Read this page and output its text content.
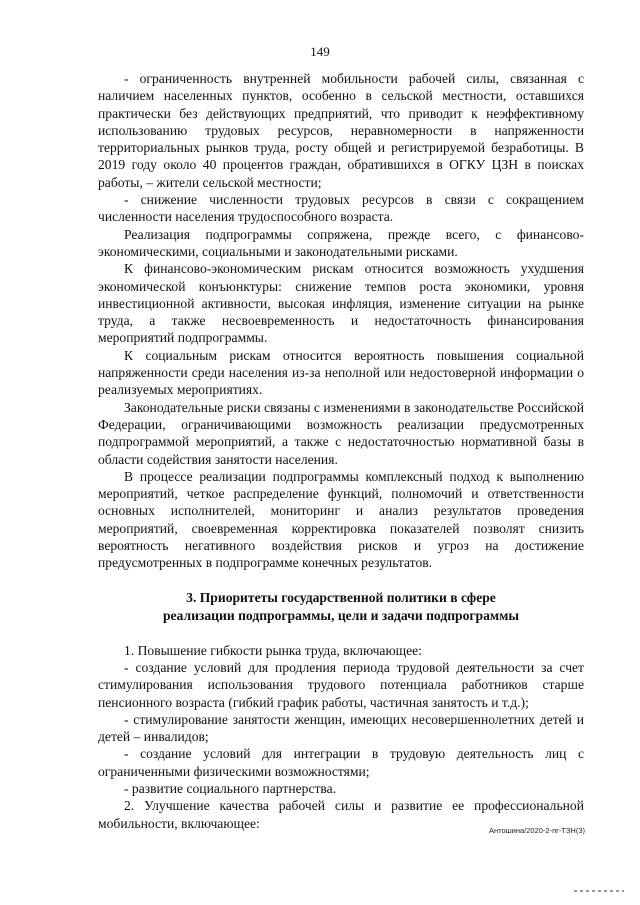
149

- ограниченность внутренней мобильности рабочей силы, связанная с наличием населенных пунктов, особенно в сельской местности, оставшихся практически без действующих предприятий, что приводит к неэффективному использованию трудовых ресурсов, неравномерности в напряженности территориальных рынков труда, росту общей и регистрируемой безработицы. В 2019 году около 40 процентов граждан, обратившихся в ОГКУ ЦЗН в поисках работы, – жители сельской местности;

- снижение численности трудовых ресурсов в связи с сокращением численности населения трудоспособного возраста.

Реализация подпрограммы сопряжена, прежде всего, с финансово-экономическими, социальными и законодательными рисками.

К финансово-экономическим рискам относится возможность ухудшения экономической конъюнктуры: снижение темпов роста экономики, уровня инвестиционной активности, высокая инфляция, изменение ситуации на рынке труда, а также несвоевременность и недостаточность финансирования мероприятий подпрограммы.

К социальным рискам относится вероятность повышения социальной напряженности среди населения из-за неполной или недостоверной информации о реализуемых мероприятиях.

Законодательные риски связаны с изменениями в законодательстве Российской Федерации, ограничивающими возможность реализации предусмотренных подпрограммой мероприятий, а также с недостаточностью нормативной базы в области содействия занятости населения.

В процессе реализации подпрограммы комплексный подход к выполнению мероприятий, четкое распределение функций, полномочий и ответственности основных исполнителей, мониторинг и анализ результатов проведения мероприятий, своевременная корректировка показателей позволят снизить вероятность негативного воздействия рисков и угроз на достижение предусмотренных в подпрограмме конечных результатов.

3. Приоритеты государственной политики в сфере

реализации подпрограммы, цели и задачи подпрограммы

1. Повышение гибкости рынка труда, включающее:

- создание условий для продления периода трудовой деятельности за счет стимулирования использования трудового потенциала работников старше пенсионного возраста (гибкий график работы, частичная занятость и т.д.);

- стимулирование занятости женщин, имеющих несовершеннолетних детей и детей – инвалидов;

- создание условий для интеграции в трудовую деятельность лиц с ограниченными физическими возможностями;

- развитие социального партнерства.

2. Улучшение качества рабочей силы и развитие ее профессиональной мобильности, включающее:	Антошина/2020-2-пг-ТЗН(3)
